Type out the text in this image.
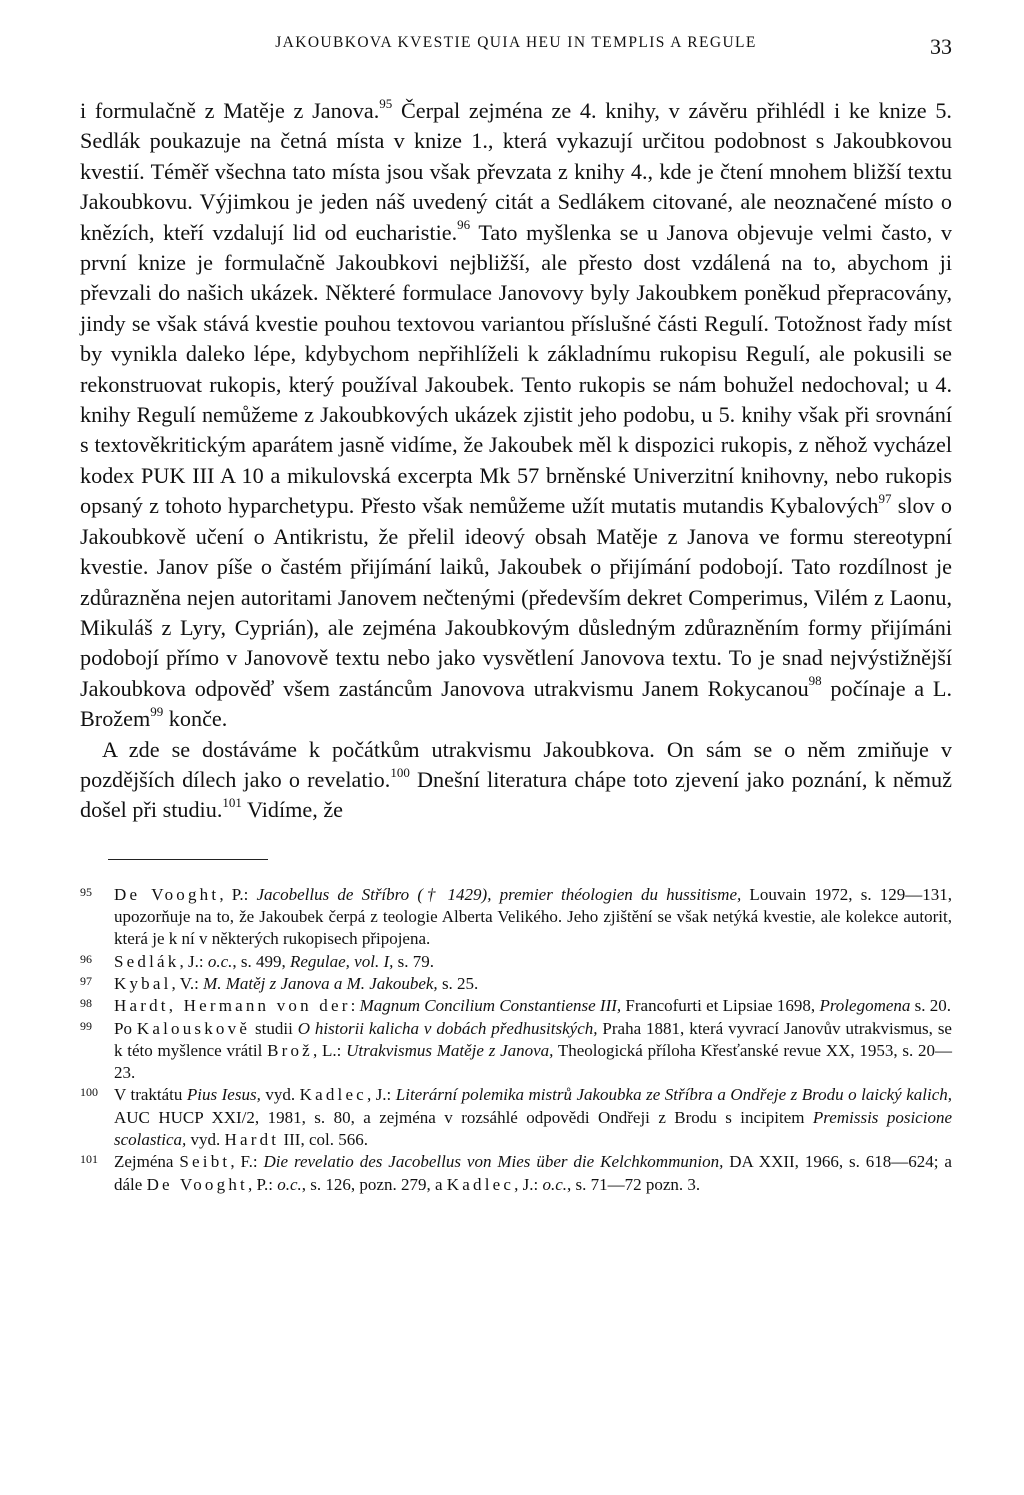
JAKOUBKOVA KVESTIE QUIA HEU IN TEMPLIS A REGULE	33

i formulačně z Matěje z Janova.$^{95}$ Čerpal zejména ze 4. knihy, v závěru přihlédl i ke knize 5. Sedlák poukazuje na četná místa v knize 1., která vykazují určitou podobnost s Jakoubkovou kvestií. Téměř všechna tato místa jsou však převzata z knihy 4., kde je čtení mnohem bližší textu Jakoubkovu. Výjimkou je jeden náš uvedený citát a Sedlákem citované, ale neoznačené místo o knězích, kteří vzdalují lid od eucharistie.$^{96}$ Tato myšlenka se u Janova objevuje velmi často, v první knize je formulačně Jakoubkovi nejbližší, ale přesto dost vzdálená na to, abychom ji převzali do našich ukázek. Některé formulace Janovovy byly Jakoubkem poněkud přepracovány, jindy se však stává kvestie pouhou textovou variantou příslušné části Regulí. Totožnost řady míst by vynikla daleko lépe, kdybychom nepřihlíželi k základnímu rukopisu Regulí, ale pokusili se rekonstruovat rukopis, který používal Jakoubek. Tento rukopis se nám bohužel nedochoval; u 4. knihy Regulí nemůžeme z Jakoubkových ukázek zjistit jeho podobu, u 5. knihy však při srovnání s textověkritickým aparátem jasně vidíme, že Jakoubek měl k dispozici rukopis, z něhož vycházel kodex PUK III A 10 a mikulovská excerpta Mk 57 brněnské Univerzitní knihovny, nebo rukopis opsaný z tohoto hyparchetypu. Přesto však nemůžeme užít mutatis mutandis Kybalových$^{97}$ slov o Jakoubkově učení o Antikristu, že přelil ideový obsah Matěje z Janova ve formu stereotypní kvestie. Janov píše o častém přijímání laiků, Jakoubek o přijímání podobojí. Tato rozdílnost je zdůrazněna nejen autoritami Janovem nečtenými (především dekret Comperimus, Vilém z Laonu, Mikuláš z Lyry, Cyprián), ale zejména Jakoubkovým důsledným zdůrazněním formy přijímáni podobojí přímo v Janovově textu nebo jako vysvětlení Janovova textu. To je snad nejvýstižnější Jakoubkova odpověď všem zastáncům Janovova utrakvismu Janem Rokycanou$^{98}$ počínaje a L. Brožem$^{99}$ konče.

A zde se dostáváme k počátkům utrakvismu Jakoubkova. On sám se o něm zmiňuje v pozdějších dílech jako o revelatio.$^{100}$ Dnešní literatura chápe toto zjevení jako poznání, k němuž došel při studiu.$^{101}$ Vidíme, že

95 De Vooght, P.: Jacobellus de Stříbro († 1429), premier théologien du hussitisme, Louvain 1972, s. 129—131, upozorňuje na to, že Jakoubek čerpá z teologie Alberta Velikého. Jeho zjištění se však netýká kvestie, ale kolekce autorit, která je k ní v některých rukopisech připojena.
96 Sedlák, J.: o.c., s. 499, Regulae, vol. I, s. 79.
97 Kybal, V.: M. Matěj z Janova a M. Jakoubek, s. 25.
98 Hardt, Hermann von der: Magnum Concilium Constantiense III, Francofurti et Lipsiae 1698, Prolegomena s. 20.
99 Po Kalouskově studii O historii kalicha v dobách předhusitských, Praha 1881, která vyvrací Janovův utrakvismus, se k této myšlence vrátil Brož, L.: Utrakvismus Matěje z Janova, Theologická příloha Křesťanské revue XX, 1953, s. 20—23.
100 V traktátu Pius Iesus, vyd. Kadlec, J.: Literární polemika mistrů Jakoubka ze Stříbra a Ondřeje z Brodu o laický kalich, AUC HUCP XXI/2, 1981, s. 80, a zejména v rozsáhlé odpovědi Ondřeji z Brodu s incipitem Premissis posicione scolastica, vyd. Hardt III, col. 566.
101 Zejména Seibt, F.: Die revelatio des Jacobellus von Mies über die Kelchkommunion, DA XXII, 1966, s. 618—624; a dále De Vooght, P.: o.c., s. 126, pozn. 279, a Kadlec, J.: o.c., s. 71—72 pozn. 3.
